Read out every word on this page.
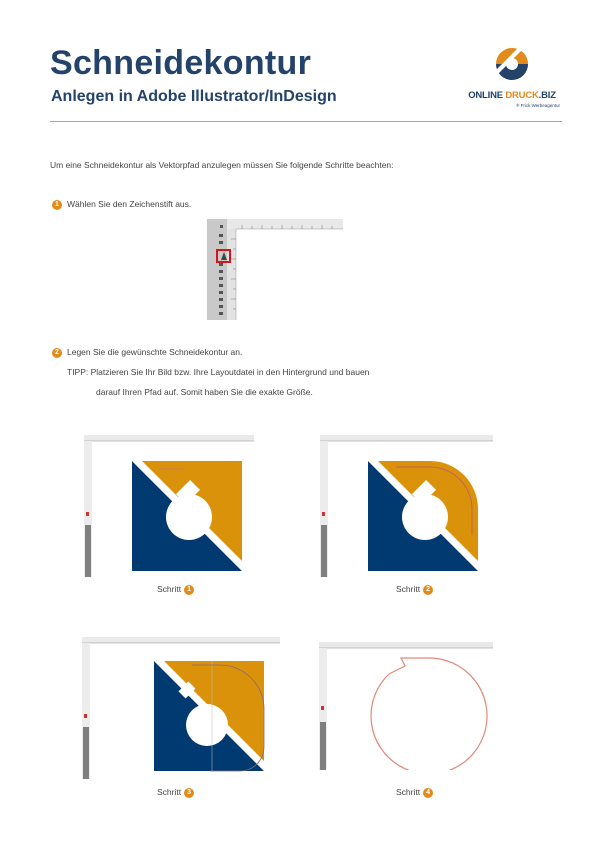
Schneidekontur
Anlegen in Adobe Illustrator/InDesign	ONLINE DRUCK.BIZ
® Frick Werbeagentur

Um eine Schneidekontur als Vektorpfad anzulegen müssen Sie folgende Schritte beachten:

1 Wählen Sie den Zeichenstift aus.

2 Legen Sie die gewünschte Schneidekontur an.

TIPP: Platzieren Sie Ihr Bild bzw. Ihre Layoutdatei in den Hintergrund und bauen

darauf Ihren Pfad auf. Somit haben Sie die exakte Größe.

Schritt 1	Schritt 2
Schritt 3	Schritt 4
